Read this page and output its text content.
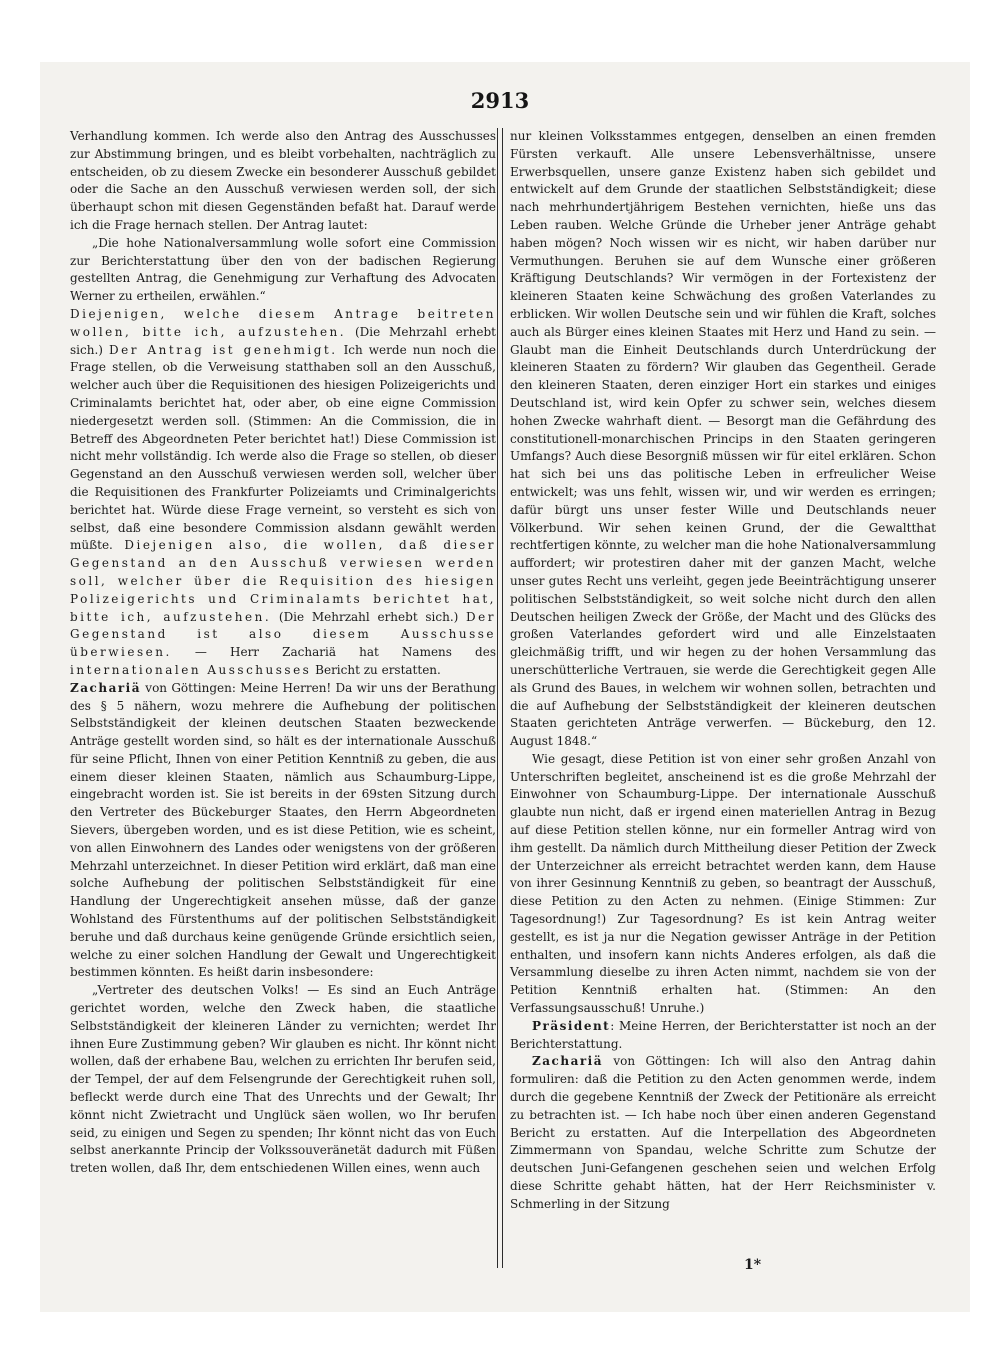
2913

Verhandlung kommen. Ich werde also den Antrag des Ausschusses zur Abstimmung bringen, und es bleibt vorbehalten, nachträglich zu entscheiden, ob zu diesem Zwecke ein besonderer Ausschuß gebildet oder die Sache an den Ausschuß verwiesen werden soll, der sich überhaupt schon mit diesen Gegenständen befaßt hat. Darauf werde ich die Frage hernach stellen. Der Antrag lautet:

„Die hohe Nationalversammlung wolle sofort eine Commission zur Berichterstattung über den von der badischen Regierung gestellten Antrag, die Genehmigung zur Verhaftung des Advocaten Werner zu ertheilen, erwählen.“

Diejenigen, welche diesem Antrage beitreten wollen, bitte ich, aufzustehen. (Die Mehrzahl erhebt sich.) Der Antrag ist genehmigt. Ich werde nun noch die Frage stellen, ob die Verweisung statthaben soll an den Ausschuß, welcher auch über die Requisitionen des hiesigen Polizeigerichts und Criminalamts berichtet hat, oder aber, ob eine eigne Commission niedergesetzt werden soll. (Stimmen: An die Commission, die in Betreff des Abgeordneten Peter berichtet hat!) Diese Commission ist nicht mehr vollständig. Ich werde also die Frage so stellen, ob dieser Gegenstand an den Ausschuß verwiesen werden soll, welcher über die Requisitionen des Frankfurter Polizeiamts und Criminalgerichts berichtet hat. Würde diese Frage verneint, so versteht es sich von selbst, daß eine besondere Commission alsdann gewählt werden müßte. Diejenigen also, die wollen, daß dieser Gegenstand an den Ausschuß verwiesen werden soll, welcher über die Requisition des hiesigen Polizeigerichts und Criminalamts berichtet hat, bitte ich, aufzustehen. (Die Mehrzahl erhebt sich.) Der Gegenstand ist also diesem Ausschusse überwiesen. — Herr Zachariä hat Namens des internationalen Ausschusses Bericht zu erstatten.

Zachariä von Göttingen: Meine Herren! Da wir uns der Berathung des § 5 nähern, wozu mehrere die Aufhebung der politischen Selbstständigkeit der kleinen deutschen Staaten bezweckende Anträge gestellt worden sind, so hält es der internationale Ausschuß für seine Pflicht, Ihnen von einer Petition Kenntniß zu geben, die aus einem dieser kleinen Staaten, nämlich aus Schaumburg-Lippe, eingebracht worden ist. Sie ist bereits in der 69sten Sitzung durch den Vertreter des Bückeburger Staates, den Herrn Abgeordneten Sievers, übergeben worden, und es ist diese Petition, wie es scheint, von allen Einwohnern des Landes oder wenigstens von der größeren Mehrzahl unterzeichnet. In dieser Petition wird erklärt, daß man eine solche Aufhebung der politischen Selbstständigkeit für eine Handlung der Ungerechtigkeit ansehen müsse, daß der ganze Wohlstand des Fürstenthums auf der politischen Selbstständigkeit beruhe und daß durchaus keine genügende Gründe ersichtlich seien, welche zu einer solchen Handlung der Gewalt und Ungerechtigkeit bestimmen könnten. Es heißt darin insbesondere:

„Vertreter des deutschen Volks! — Es sind an Euch Anträge gerichtet worden, welche den Zweck haben, die staatliche Selbstständigkeit der kleineren Länder zu vernichten; werdet Ihr ihnen Eure Zustimmung geben? Wir glauben es nicht. Ihr könnt nicht wollen, daß der erhabene Bau, welchen zu errichten Ihr berufen seid, der Tempel, der auf dem Felsengrunde der Gerechtigkeit ruhen soll, befleckt werde durch eine That des Unrechts und der Gewalt; Ihr könnt nicht Zwietracht und Unglück säen wollen, wo Ihr berufen seid, zu einigen und Segen zu spenden; Ihr könnt nicht das von Euch selbst anerkannte Princip der Volkssouveränetät dadurch mit Füßen treten wollen, daß Ihr, dem entschiedenen Willen eines, wenn auch

nur kleinen Volksstammes entgegen, denselben an einen fremden Fürsten verkauft. Alle unsere Lebensverhältnisse, unsere Erwerbsquellen, unsere ganze Existenz haben sich gebildet und entwickelt auf dem Grunde der staatlichen Selbstständigkeit; diese nach mehrhundertjährigem Bestehen vernichten, hieße uns das Leben rauben. Welche Gründe die Urheber jener Anträge gehabt haben mögen? Noch wissen wir es nicht, wir haben darüber nur Vermuthungen. Beruhen sie auf dem Wunsche einer größeren Kräftigung Deutschlands? Wir vermögen in der Fortexistenz der kleineren Staaten keine Schwächung des großen Vaterlandes zu erblicken. Wir wollen Deutsche sein und wir fühlen die Kraft, solches auch als Bürger eines kleinen Staates mit Herz und Hand zu sein. — Glaubt man die Einheit Deutschlands durch Unterdrückung der kleineren Staaten zu fördern? Wir glauben das Gegentheil. Gerade den kleineren Staaten, deren einziger Hort ein starkes und einiges Deutschland ist, wird kein Opfer zu schwer sein, welches diesem hohen Zwecke wahrhaft dient. — Besorgt man die Gefährdung des constitutionell-monarchischen Princips in den Staaten geringeren Umfangs? Auch diese Besorgniß müssen wir für eitel erklären. Schon hat sich bei uns das politische Leben in erfreulicher Weise entwickelt; was uns fehlt, wissen wir, und wir werden es erringen; dafür bürgt uns unser fester Wille und Deutschlands neuer Völkerbund. Wir sehen keinen Grund, der die Gewaltthat rechtfertigen könnte, zu welcher man die hohe Nationalversammlung auffordert; wir protestiren daher mit der ganzen Macht, welche unser gutes Recht uns verleiht, gegen jede Beeinträchtigung unserer politischen Selbstständigkeit, so weit solche nicht durch den allen Deutschen heiligen Zweck der Größe, der Macht und des Glücks des großen Vaterlandes gefordert wird und alle Einzelstaaten gleichmäßig trifft, und wir hegen zu der hohen Versammlung das unerschütterliche Vertrauen, sie werde die Gerechtigkeit gegen Alle als Grund des Baues, in welchem wir wohnen sollen, betrachten und die auf Aufhebung der Selbstständigkeit der kleineren deutschen Staaten gerichteten Anträge verwerfen. — Bückeburg, den 12. August 1848.“

Wie gesagt, diese Petition ist von einer sehr großen Anzahl von Unterschriften begleitet, anscheinend ist es die große Mehrzahl der Einwohner von Schaumburg-Lippe. Der internationale Ausschuß glaubte nun nicht, daß er irgend einen materiellen Antrag in Bezug auf diese Petition stellen könne, nur ein formeller Antrag wird von ihm gestellt. Da nämlich durch Mittheilung dieser Petition der Zweck der Unterzeichner als erreicht betrachtet werden kann, dem Hause von ihrer Gesinnung Kenntniß zu geben, so beantragt der Ausschuß, diese Petition zu den Acten zu nehmen. (Einige Stimmen: Zur Tagesordnung!) Zur Tagesordnung? Es ist kein Antrag weiter gestellt, es ist ja nur die Negation gewisser Anträge in der Petition enthalten, und insofern kann nichts Anderes erfolgen, als daß die Versammlung dieselbe zu ihren Acten nimmt, nachdem sie von der Petition Kenntniß erhalten hat. (Stimmen: An den Verfassungsausschuß! Unruhe.)

Präsident: Meine Herren, der Berichterstatter ist noch an der Berichterstattung.

Zachariä von Göttingen: Ich will also den Antrag dahin formuliren: daß die Petition zu den Acten genommen werde, indem durch die gegebene Kenntniß der Zweck der Petitionäre als erreicht zu betrachten ist. — Ich habe noch über einen anderen Gegenstand Bericht zu erstatten. Auf die Interpellation des Abgeordneten Zimmermann von Spandau, welche Schritte zum Schutze der deutschen Juni-Gefangenen geschehen seien und welchen Erfolg diese Schritte gehabt hätten, hat der Herr Reichsminister v. Schmerling in der Sitzung

1*
